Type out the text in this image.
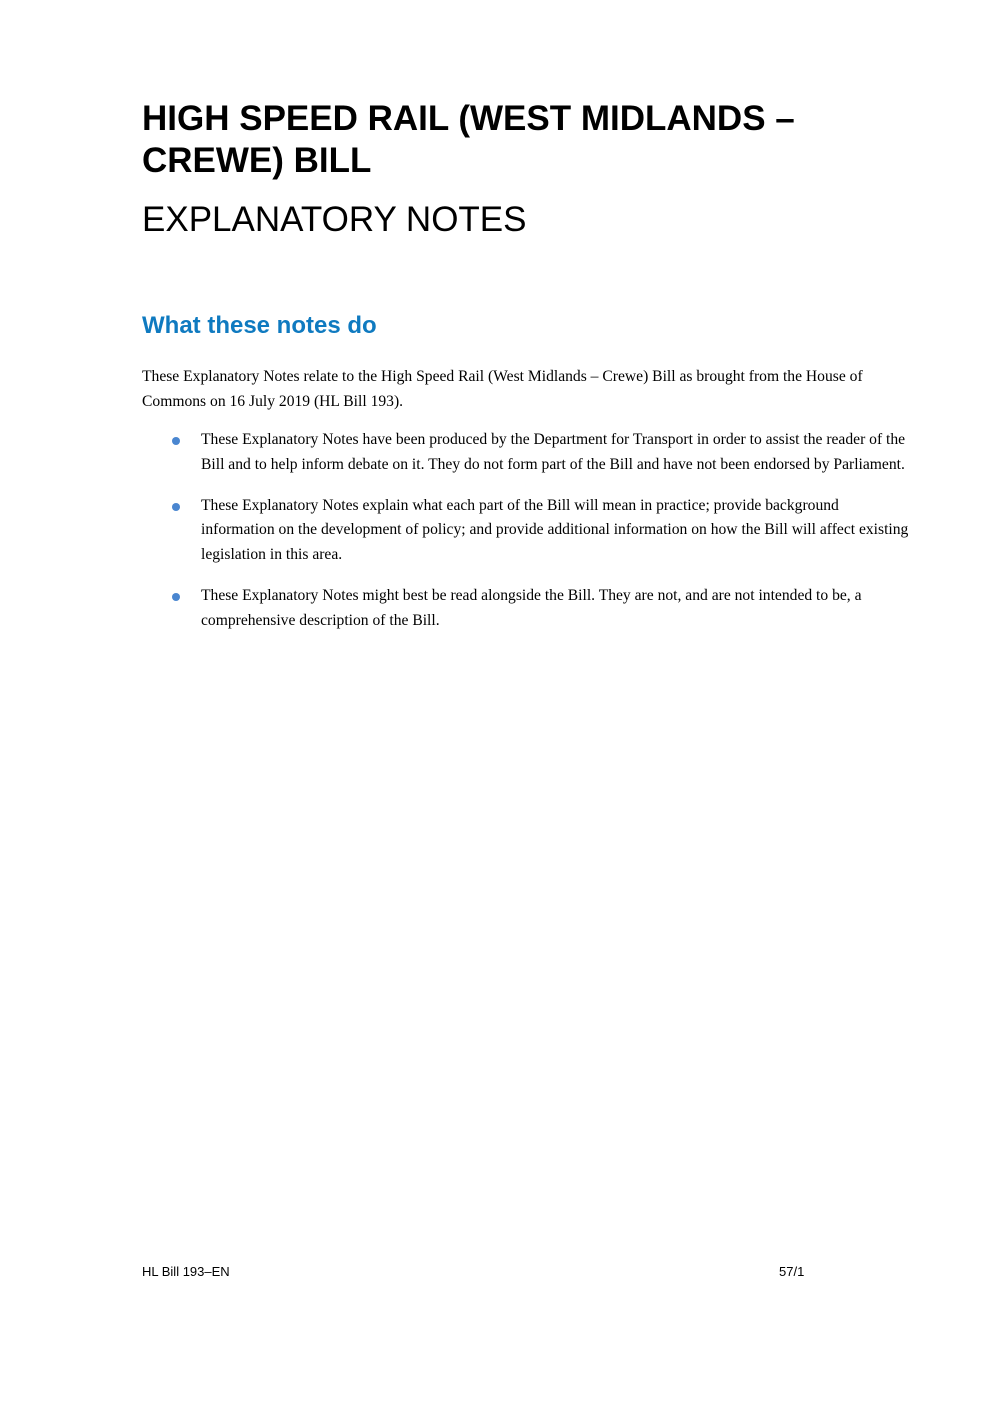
HIGH SPEED RAIL (WEST MIDLANDS – CREWE) BILL
EXPLANATORY NOTES
What these notes do

These Explanatory Notes relate to the High Speed Rail (West Midlands – Crewe) Bill as brought from the House of Commons on 16 July 2019 (HL Bill 193).

These Explanatory Notes have been produced by the Department for Transport in order to assist the reader of the Bill and to help inform debate on it. They do not form part of the Bill and have not been endorsed by Parliament.
These Explanatory Notes explain what each part of the Bill will mean in practice; provide background information on the development of policy; and provide additional information on how the Bill will affect existing legislation in this area.
These Explanatory Notes might best be read alongside the Bill. They are not, and are not intended to be, a comprehensive description of the Bill.
HL Bill 193–EN	57/1
